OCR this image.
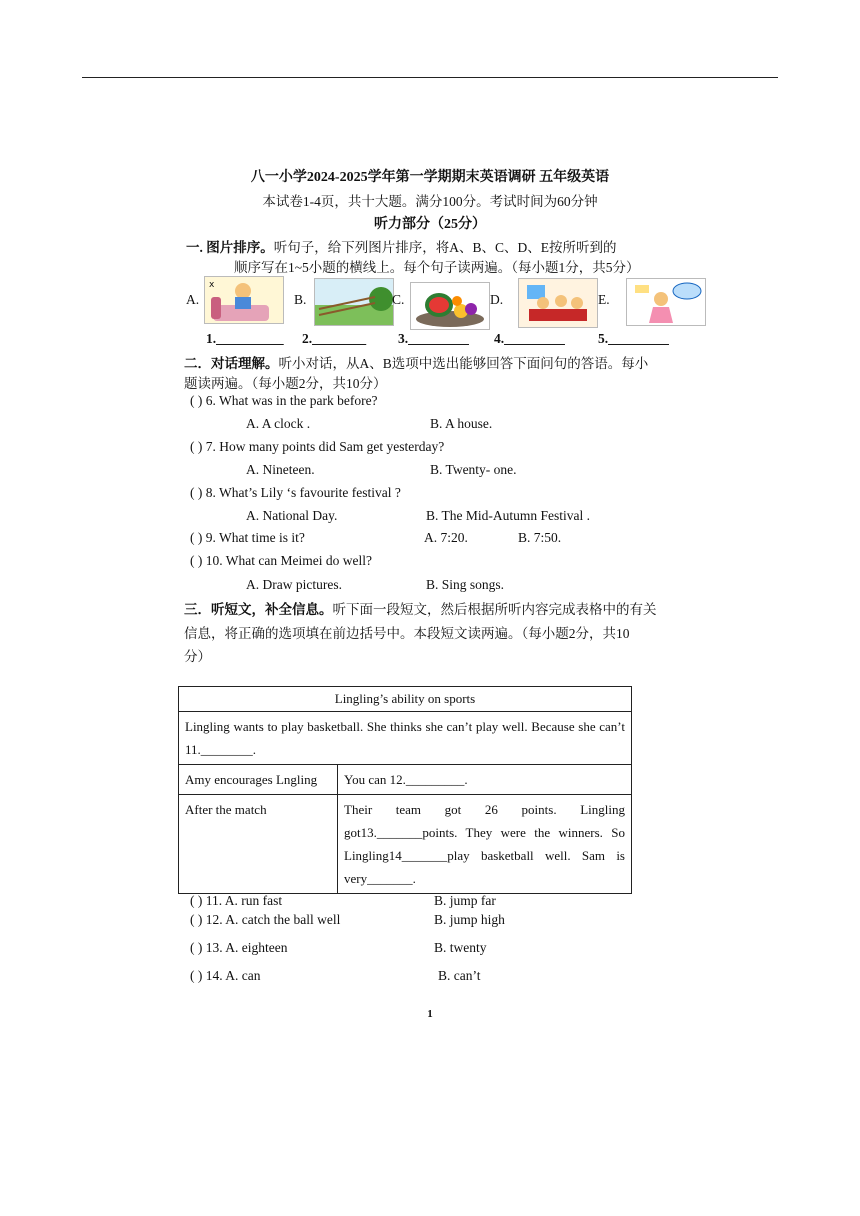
八一小学2024-2025学年第一学期期末英语调研 五年级英语
本试卷1-4页，共十大题。满分100分。考试时间为60分钟
听力部分（25分）
一. 图片排序。听句子，给下列图片排序，将A、B、C、D、E按所听到的
顺序写在1~5小题的横线上。每个句子读两遍。（每小题1分，共5分）
A.
x
B.	C.	D.	E.
1.__________ 2.________ 3._________ 4._________ 5._________
二．对话理解。听小对话，从A、B选项中选出能够回答下面问句的答语。每小
题读两遍。（每小题2分，共10分）
( ) 6. What was in the park before?
A. A clock .	B. A house.
( ) 7. How many points did Sam get yesterday?
A. Nineteen.	B. Twenty- one.
( ) 8. What’s Lily ‘s favourite festival ?
A. National Day.	B. The Mid-Autumn Festival .
( ) 9. What time is it?	A. 7:20.	B. 7:50.
( ) 10. What can Meimei do well?
A. Draw pictures.	B. Sing songs.
三．听短文，补全信息。听下面一段短文，然后根据所听内容完成表格中的有关
信息，将正确的选项填在前边括号中。本段短文读两遍。（每小题2分，共10
分）
Lingling’s ability on sports	
Lingling wants to play basketball. She thinks she can’t play well. Because she can’t 11.________.	
Amy encourages Lngling	You can 12._________.
After the match	Their team got 26 points. Lingling got13._______points. They were the winners. So Lingling14_______play basketball well. Sam is very_______.
( ) 11. A. run fast	B. jump far
( ) 12. A. catch the ball well	B. jump high
( ) 13. A. eighteen	B. twenty
( ) 14. A. can	B. can’t
1
